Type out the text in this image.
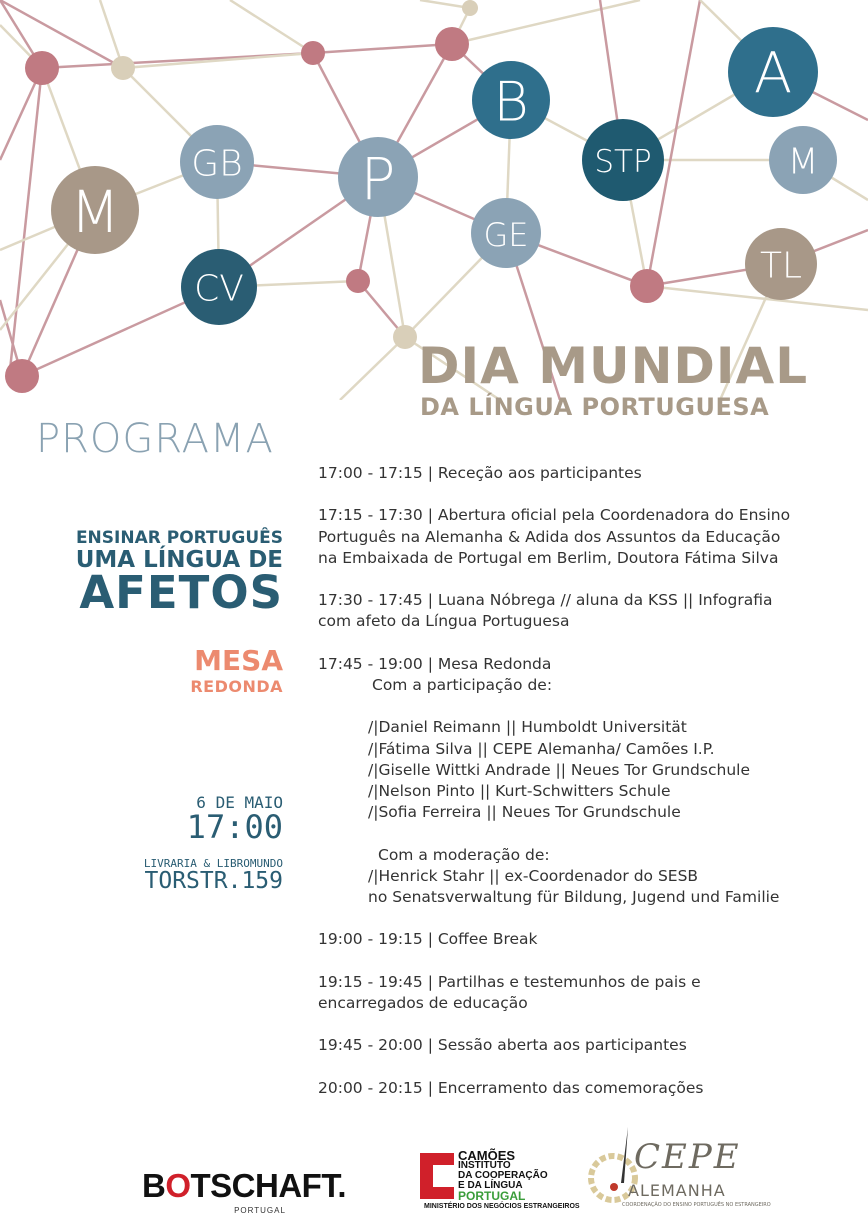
M
GB
CV
P
GE
B
STP
A
M
TL
DIA MUNDIAL
DA LÍNGUA PORTUGUESA
PROGRAMA
ENSINAR PORTUGUÊS
UMA LÍNGUA DE
AFETOS
MESA
REDONDA
6 DE MAIO
17:00
LIVRARIA & LIBROMUNDO
TORSTR.159
17:00 - 17:15 | Receção aos participantes
17:15 - 17:30 | Abertura oficial pela Coordenadora do Ensino
Português na Alemanha & Adida dos Assuntos da Educação
na Embaixada de Portugal em Berlim, Doutora Fátima Silva
17:30 - 17:45 | Luana Nóbrega // aluna da KSS || Infografia
com afeto da Língua Portuguesa
17:45 - 19:00 | Mesa Redonda
Com a participação de:
/|Daniel Reimann || Humboldt Universität
/|Fátima Silva || CEPE Alemanha/ Camões I.P.
/|Giselle Wittki Andrade || Neues Tor Grundschule
/|Nelson Pinto || Kurt-Schwitters Schule
/|Sofia Ferreira || Neues Tor Grundschule
Com a moderação de:
/|Henrick Stahr || ex-Coordenador do SESB
no Senatsverwaltung für Bildung, Jugend und Familie
19:00 - 19:15 | Coffee Break
19:15 - 19:45 | Partilhas e testemunhos de pais e
encarregados de educação
19:45 - 20:00 | Sessão aberta aos participantes
20:00 - 20:15 | Encerramento das comemorações
BOTSCHAFT.
PORTUGAL
CAMÕES
INSTITUTO
DA COOPERAÇÃO
E DA LÍNGUA
PORTUGAL
MINISTÉRIO DOS NEGÓCIOS ESTRANGEIROS
CEPE
ALEMANHA
COORDENAÇÃO DO ENSINO PORTUGUÊS NO ESTRANGEIRO
